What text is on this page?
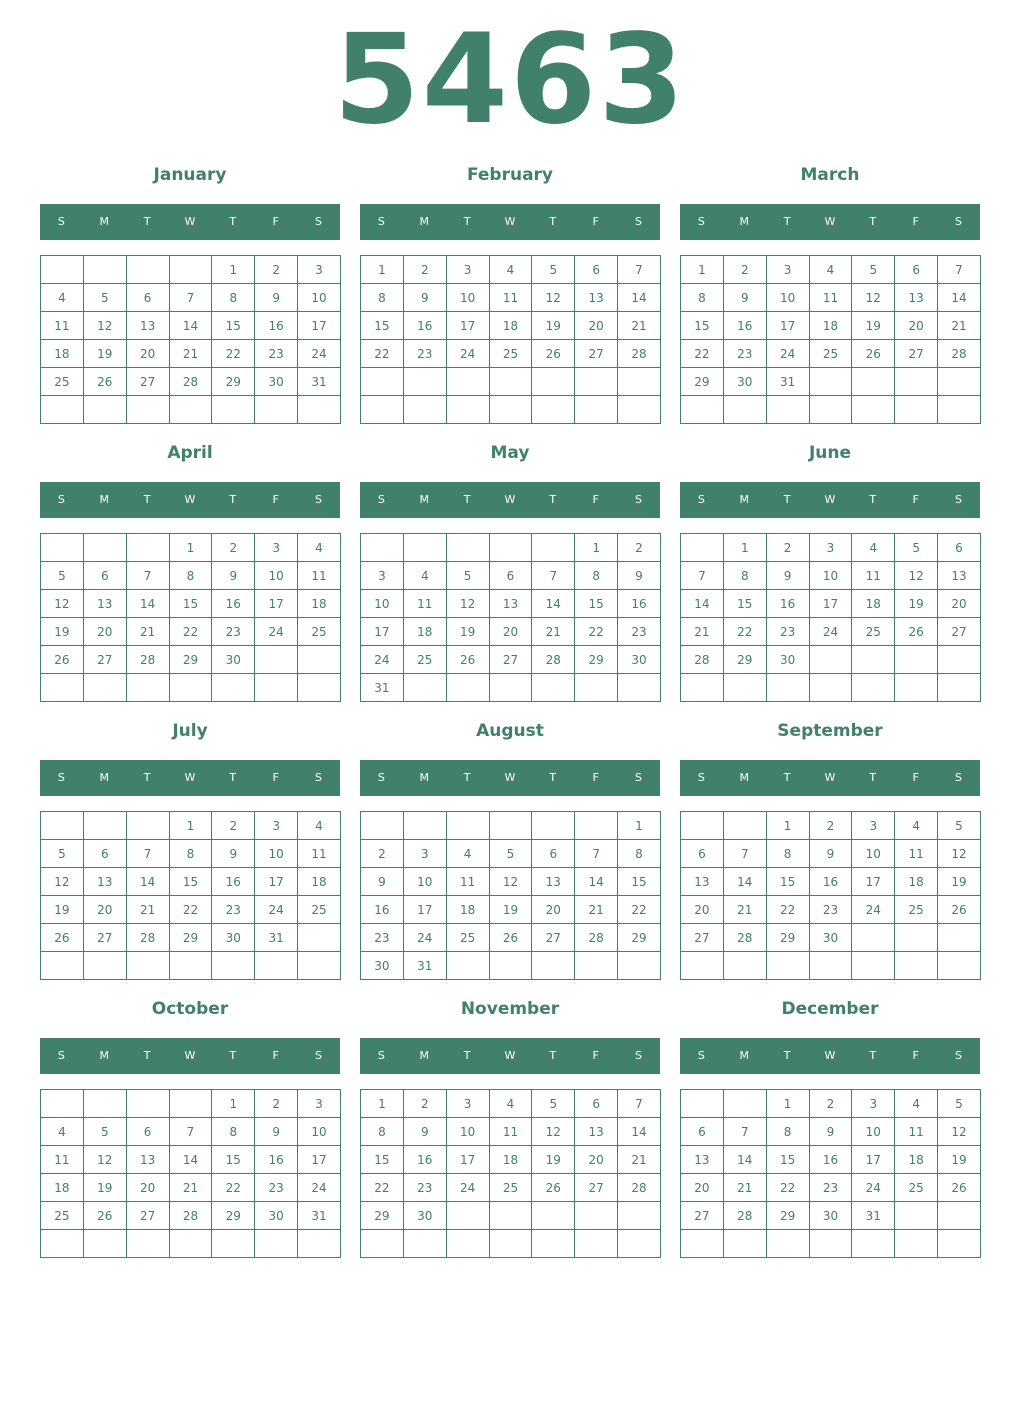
5463
January
S	M	T	W	T	F	S
				1	2	3
4	5	6	7	8	9	10
11	12	13	14	15	16	17
18	19	20	21	22	23	24
25	26	27	28	29	30	31

February
S	M	T	W	T	F	S
1	2	3	4	5	6	7
8	9	10	11	12	13	14
15	16	17	18	19	20	21
22	23	24	25	26	27	28

March
S	M	T	W	T	F	S
1	2	3	4	5	6	7
8	9	10	11	12	13	14
15	16	17	18	19	20	21
22	23	24	25	26	27	28
29	30	31				

April
S	M	T	W	T	F	S
			1	2	3	4
5	6	7	8	9	10	11
12	13	14	15	16	17	18
19	20	21	22	23	24	25
26	27	28	29	30		

May
S	M	T	W	T	F	S
					1	2
3	4	5	6	7	8	9
10	11	12	13	14	15	16
17	18	19	20	21	22	23
24	25	26	27	28	29	30
31						
June
S	M	T	W	T	F	S
	1	2	3	4	5	6
7	8	9	10	11	12	13
14	15	16	17	18	19	20
21	22	23	24	25	26	27
28	29	30				

July
S	M	T	W	T	F	S
			1	2	3	4
5	6	7	8	9	10	11
12	13	14	15	16	17	18
19	20	21	22	23	24	25
26	27	28	29	30	31	

August
S	M	T	W	T	F	S
						1
2	3	4	5	6	7	8
9	10	11	12	13	14	15
16	17	18	19	20	21	22
23	24	25	26	27	28	29
30	31					
September
S	M	T	W	T	F	S
		1	2	3	4	5
6	7	8	9	10	11	12
13	14	15	16	17	18	19
20	21	22	23	24	25	26
27	28	29	30			

October
S	M	T	W	T	F	S
				1	2	3
4	5	6	7	8	9	10
11	12	13	14	15	16	17
18	19	20	21	22	23	24
25	26	27	28	29	30	31

November
S	M	T	W	T	F	S
1	2	3	4	5	6	7
8	9	10	11	12	13	14
15	16	17	18	19	20	21
22	23	24	25	26	27	28
29	30					

December
S	M	T	W	T	F	S
		1	2	3	4	5
6	7	8	9	10	11	12
13	14	15	16	17	18	19
20	21	22	23	24	25	26
27	28	29	30	31		
